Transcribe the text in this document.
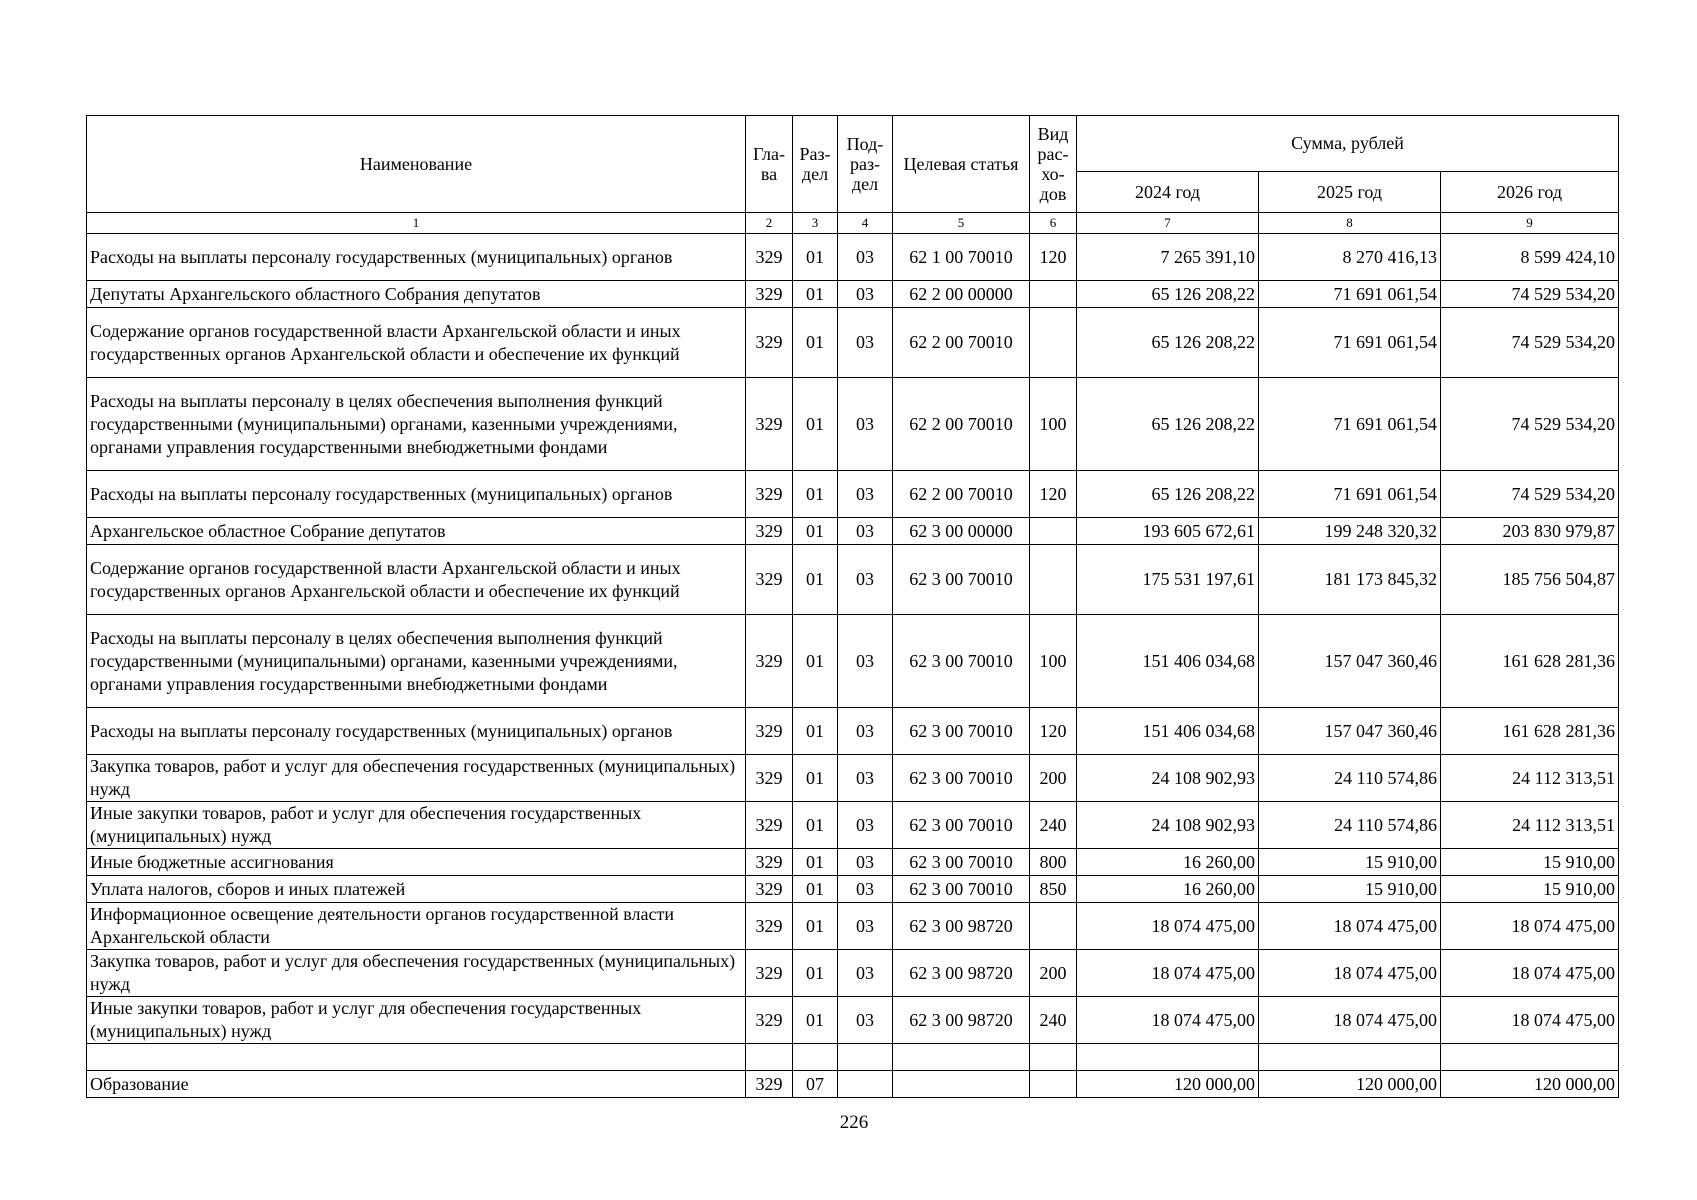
Наименование	Гла-ва	Раз-дел	Под-раз-дел	Целевая статья	Вид рас-хо-дов	Сумма, рублей		
						2024 год	2025 год	2026 год
1	2	3	4	5	6	7	8	9
Расходы на выплаты персоналу государственных (муниципальных) органов	329	01	03	62 1 00 70010	120	7 265 391,10	8 270 416,13	8 599 424,10
Депутаты Архангельского областного Собрания депутатов	329	01	03	62 2 00 00000		65 126 208,22	71 691 061,54	74 529 534,20
Содержание органов государственной власти Архангельской области и иных государственных органов Архангельской области и обеспечение их функций	329	01	03	62 2 00 70010		65 126 208,22	71 691 061,54	74 529 534,20
Расходы на выплаты персоналу в целях обеспечения выполнения функций государственными (муниципальными) органами, казенными учреждениями, органами управления государственными внебюджетными фондами	329	01	03	62 2 00 70010	100	65 126 208,22	71 691 061,54	74 529 534,20
Расходы на выплаты персоналу государственных (муниципальных) органов	329	01	03	62 2 00 70010	120	65 126 208,22	71 691 061,54	74 529 534,20
Архангельское областное Собрание депутатов	329	01	03	62 3 00 00000		193 605 672,61	199 248 320,32	203 830 979,87
Содержание органов государственной власти Архангельской области и иных государственных органов Архангельской области и обеспечение их функций	329	01	03	62 3 00 70010		175 531 197,61	181 173 845,32	185 756 504,87
Расходы на выплаты персоналу в целях обеспечения выполнения функций государственными (муниципальными) органами, казенными учреждениями, органами управления государственными внебюджетными фондами	329	01	03	62 3 00 70010	100	151 406 034,68	157 047 360,46	161 628 281,36
Расходы на выплаты персоналу государственных (муниципальных) органов	329	01	03	62 3 00 70010	120	151 406 034,68	157 047 360,46	161 628 281,36
Закупка товаров, работ и услуг для обеспечения государственных (муниципальных) нужд	329	01	03	62 3 00 70010	200	24 108 902,93	24 110 574,86	24 112 313,51
Иные закупки товаров, работ и услуг для обеспечения государственных (муниципальных) нужд	329	01	03	62 3 00 70010	240	24 108 902,93	24 110 574,86	24 112 313,51
Иные бюджетные ассигнования	329	01	03	62 3 00 70010	800	16 260,00	15 910,00	15 910,00
Уплата налогов, сборов и иных платежей	329	01	03	62 3 00 70010	850	16 260,00	15 910,00	15 910,00
Информационное освещение деятельности органов государственной власти Архангельской области	329	01	03	62 3 00 98720		18 074 475,00	18 074 475,00	18 074 475,00
Закупка товаров, работ и услуг для обеспечения государственных (муниципальных) нужд	329	01	03	62 3 00 98720	200	18 074 475,00	18 074 475,00	18 074 475,00
Иные закупки товаров, работ и услуг для обеспечения государственных (муниципальных) нужд	329	01	03	62 3 00 98720	240	18 074 475,00	18 074 475,00	18 074 475,00

Образование	329	07				120 000,00	120 000,00	120 000,00
226
